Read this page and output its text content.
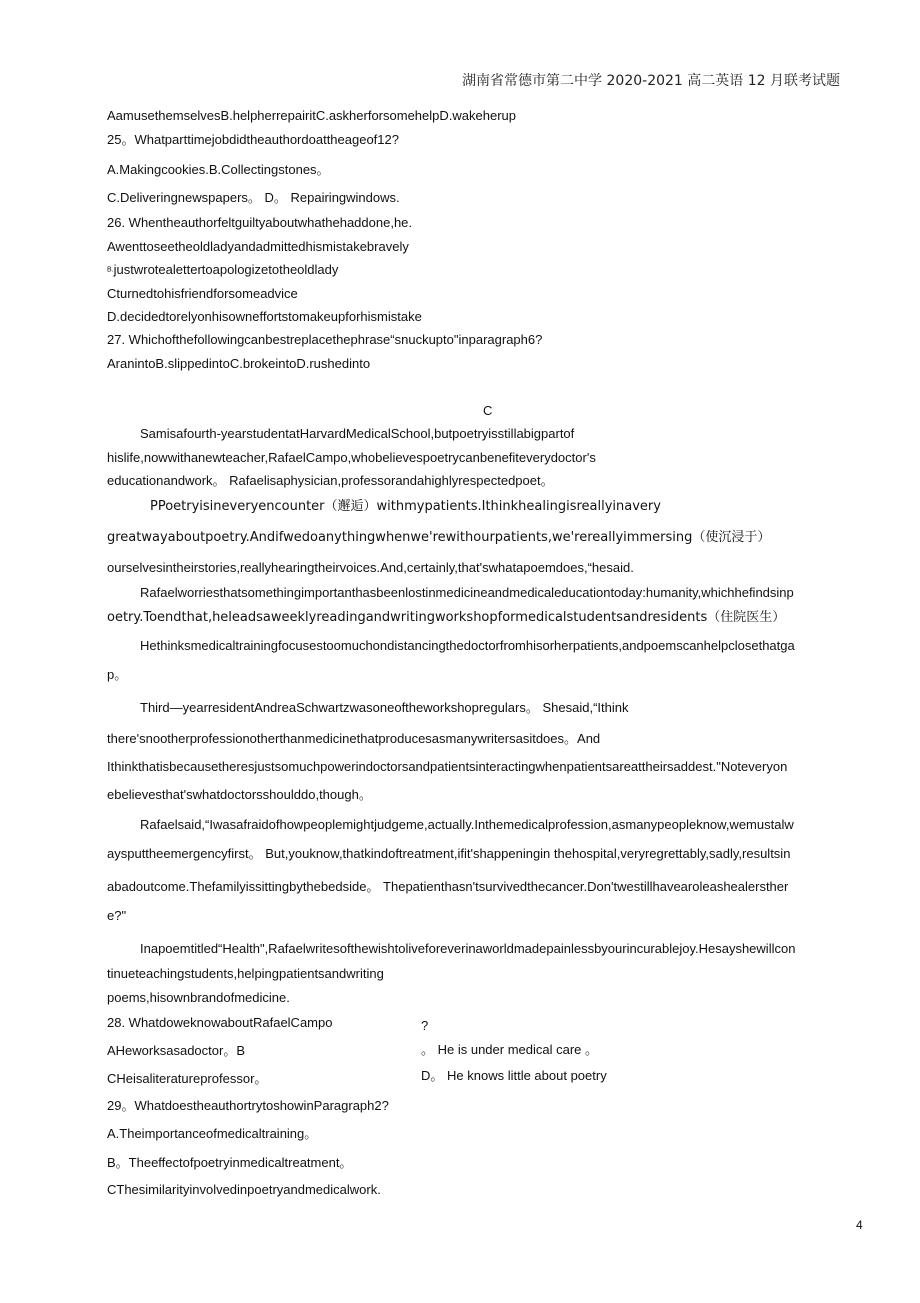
湖南省常德市第二中学 2020-2021 高二英语 12 月联考试题
AamusethemselvesB.helpherrepairitC.askherforsomehelpD.wakeherup
25。Whatparttimejobdidtheauthordoattheageof12?
A.Makingcookies.B.Collectingstones。
C.Deliveringnewspapers。 D。 Repairingwindows.
26. Whentheauthorfeltguiltyaboutwhathehaddone,he.
Awenttoseetheoldladyandadmittedhismistakebravely
B.justwrotealettertoapologizetotheoldlady
Cturnedtohisfriendforsomeadvice
D.decidedtorelyonhisowneffortstomakeupforhismistake
27. Whichofthefollowingcanbestreplacethephrase“snuckupto"inparagraph6?
AranintoB.slippedintoC.brokeintoD.rushedinto
C
Samisafourth-yearstudentatHarvardMedicalSchool,butpoetryisstillabigpartof
hislife,nowwithanewteacher,RafaelCampo,whobelievespoetrycanbenefiteverydoctor's
educationandwork。 Rafaelisaphysician,professorandahighlyrespectedpoet。
PPoetryisineveryencounter（邂逅）withmypatients.Ithinkhealingisreallyinavery
greatwayaboutpoetry.Andifwedoanythingwhenwe'rewithourpatients,we'rereallyimmersing（使沉浸于）
ourselvesintheirstories,reallyhearingtheirvoices.And,certainly,that'swhatapoemdoes,“hesaid.
Rafaelworriesthatsomethingimportanthasbeenlostinmedicineandmedicaleducationtoday:humanity,whichhefindsinp
oetry.Toendthat,heleadsaweeklyreadingandwritingworkshopformedicalstudentsandresidents（住院医生）
Hethinksmedicaltrainingfocusestoomuchondistancingthedoctorfromhisorherpatients,andpoemscanhelpclosethatga
p。
Third—yearresidentAndreaSchwartzwasoneoftheworkshopregulars。 Shesaid,“Ithink
there'snootherprofessionotherthanmedicinethatproducesasmanywritersasitdoes。And
Ithinkthatisbecausetheresjustsomuchpowerindoctorsandpatientsinteractingwhenpatientsareattheirsaddest."Noteveryon
ebelievesthat'swhatdoctorsshoulddo,though。
Rafaelsaid,“Iwasafraidofhowpeoplemightjudgeme,actually.Inthemedicalprofession,asmanypeopleknow,wemustalw
aysputtheemergencyfirst。 But,youknow,thatkindoftreatment,ifit'shappeningin thehospital,veryregrettably,sadly,resultsin
abadoutcome.Thefamilyissittingbythebedside。 Thepatienthasn'tsurvivedthecancer.Don'twestillhavearoleashealersther
e?"
Inapoemtitled“Health",Rafaelwritesofthewishtoliveforeverinaworldmadepainlessbyourincurablejoy.Hesayshewillcon
tinueteachingstudents,helpingpatientsandwriting
poems,hisownbrandofmedicine.
28. WhatdoweknowaboutRafaelCampo	?
AHeworksasadoctor。B	。 He is under medical care 。
CHeisaliteratureprofessor。	D。 He knows little about poetry
29。WhatdoestheauthortrytoshowinParagraph2?
A.Theimportanceofmedicaltraining。
B。Theeffectofpoetryinmedicaltreatment。
CThesimilarityinvolvedinpoetryandmedicalwork.
4
